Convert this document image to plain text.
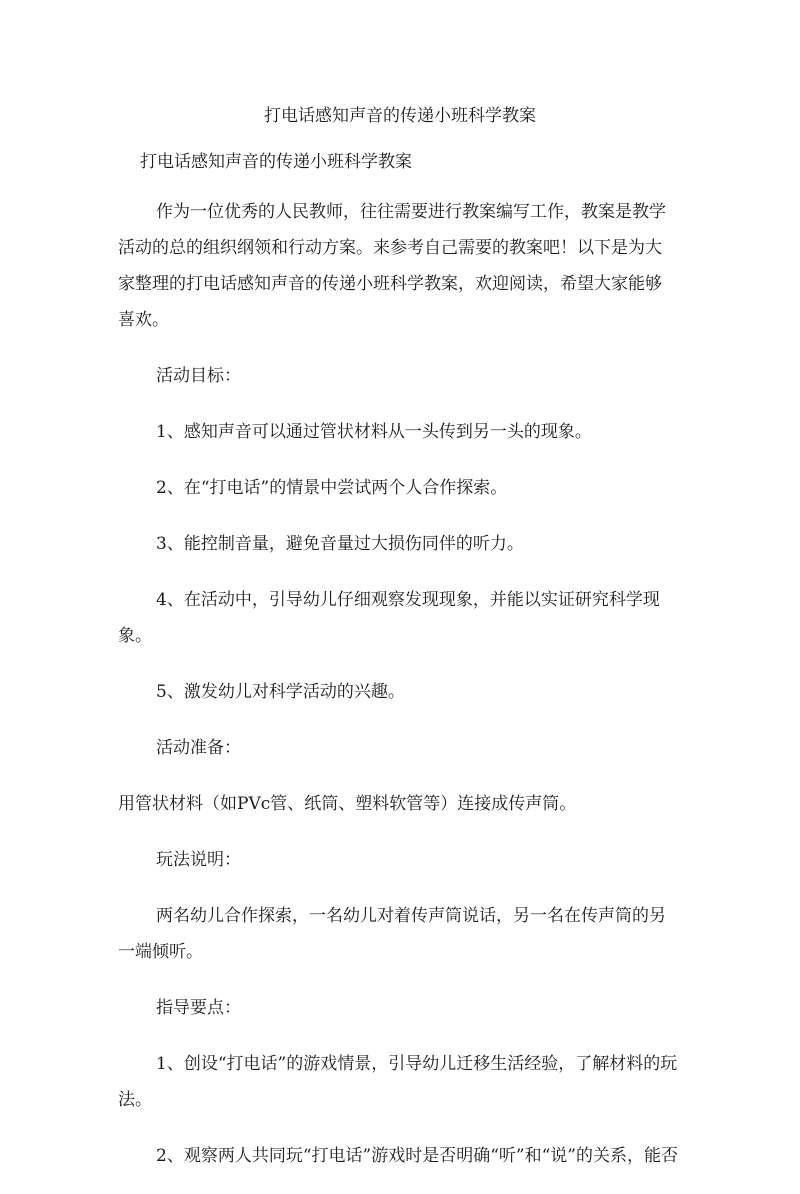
打电话感知声音的传递小班科学教案

打电话感知声音的传递小班科学教案

作为一位优秀的人民教师，往往需要进行教案编写工作，教案是教学
活动的总的组织纲领和行动方案。来参考自己需要的教案吧！以下是为大
家整理的打电话感知声音的传递小班科学教案，欢迎阅读，希望大家能够
喜欢。

活动目标：

1、感知声音可以通过管状材料从一头传到另一头的现象。

2、在“打电话”的情景中尝试两个人合作探索。

3、能控制音量，避免音量过大损伤同伴的听力。

4、在活动中，引导幼儿仔细观察发现现象，并能以实证研究科学现
象。

5、激发幼儿对科学活动的兴趣。

活动准备：

用管状材料（如PVc管、纸筒、塑料软管等）连接成传声筒。

玩法说明：

两名幼儿合作探索，一名幼儿对着传声筒说话，另一名在传声筒的另
一端倾听。

指导要点：

1、创设“打电话”的游戏情景，引导幼儿迁移生活经验，了解材料的玩
法。

2、观察两人共同玩“打电话”游戏时是否明确“听”和“说”的关系，能否
